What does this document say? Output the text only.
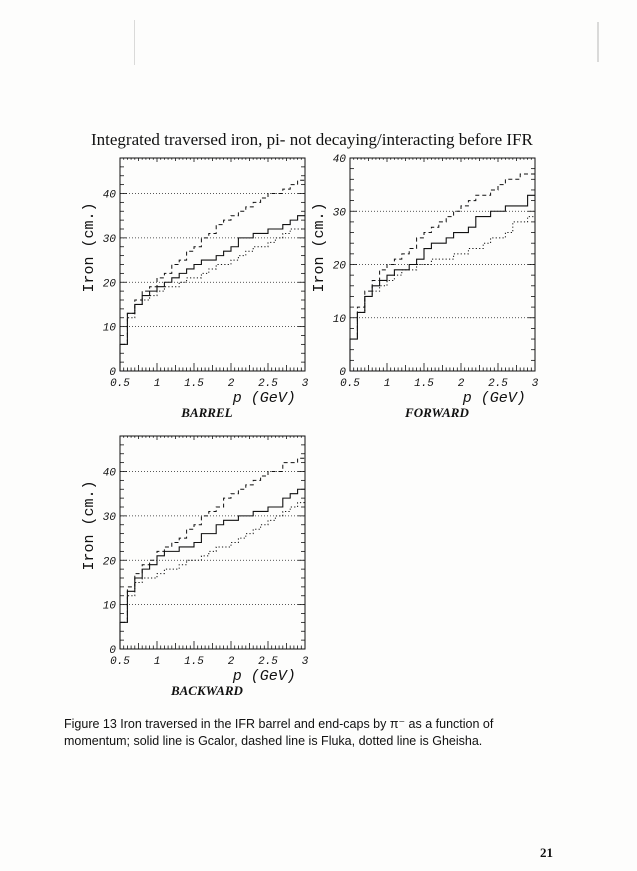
Integrated traversed iron, pi- not decaying/interacting before IFR
0
10
20
30
40
0.5 1 1.5 2 2.5 3
Iron (cm.)
p (GeV)
BARREL
0
10
20
30
40
0.5 1 1.5 2 2.5 3
Iron (cm.)
p (GeV)
FORWARD
0
10
20
30
40
0.5 1 1.5 2 2.5 3
Iron (cm.)
p (GeV)
BACKWARD
Figure 13 Iron traversed in the IFR barrel and end-caps by π⁻ as a function of
momentum; solid line is Gcalor, dashed line is Fluka, dotted line is Gheisha.
21
